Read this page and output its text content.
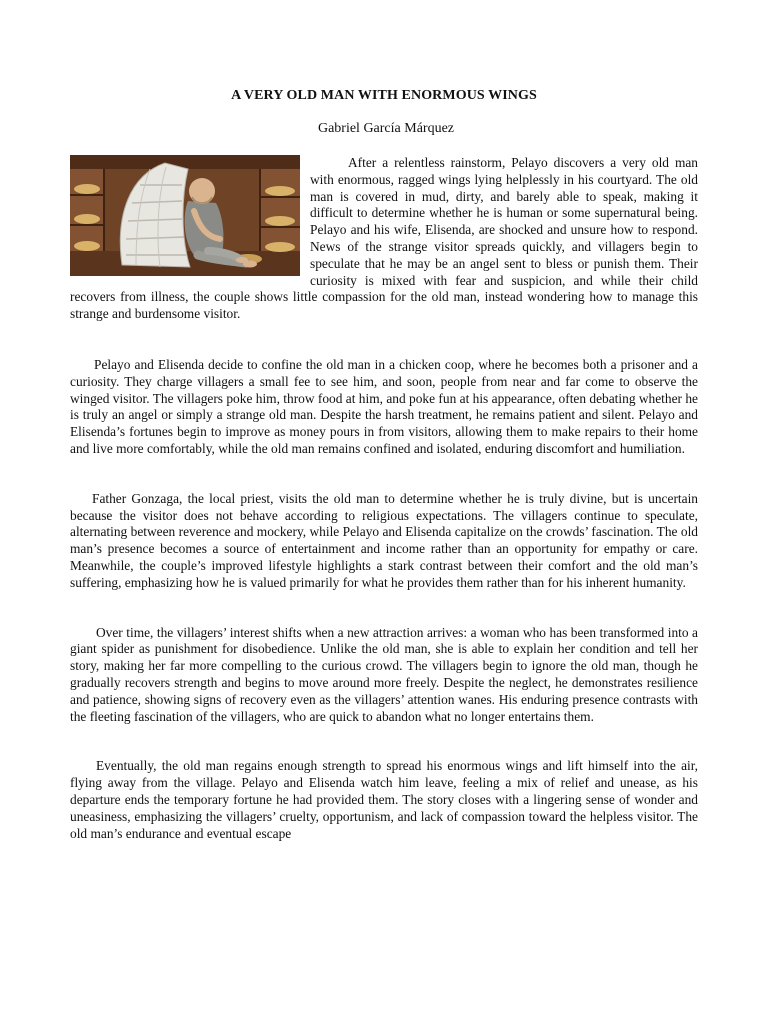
A VERY OLD MAN WITH ENORMOUS WINGS
Gabriel García Márquez

After a relentless rainstorm, Pelayo discovers a very old man with enormous, ragged wings lying helplessly in his courtyard. The old man is covered in mud, dirty, and barely able to speak, making it difficult to determine whether he is human or some supernatural being. Pelayo and his wife, Elisenda, are shocked and unsure how to respond. News of the strange visitor spreads quickly, and villagers begin to speculate that he may be an angel sent to bless or punish them. Their curiosity is mixed with fear and suspicion, and while their child recovers from illness, the couple shows little compassion for the old man, instead wondering how to manage this strange and burdensome visitor.

Pelayo and Elisenda decide to confine the old man in a chicken coop, where he becomes both a prisoner and a curiosity. They charge villagers a small fee to see him, and soon, people from near and far come to observe the winged visitor. The villagers poke him, throw food at him, and poke fun at his appearance, often debating whether he is truly an angel or simply a strange old man. Despite the harsh treatment, he remains patient and silent. Pelayo and Elisenda’s fortunes begin to improve as money pours in from visitors, allowing them to make repairs to their home and live more comfortably, while the old man remains confined and isolated, enduring discomfort and humiliation.

Father Gonzaga, the local priest, visits the old man to determine whether he is truly divine, but is uncertain because the visitor does not behave according to religious expectations. The villagers continue to speculate, alternating between reverence and mockery, while Pelayo and Elisenda capitalize on the crowds’ fascination. The old man’s presence becomes a source of entertainment and income rather than an opportunity for empathy or care. Meanwhile, the couple’s improved lifestyle highlights a stark contrast between their comfort and the old man’s suffering, emphasizing how he is valued primarily for what he provides them rather than for his inherent humanity.

Over time, the villagers’ interest shifts when a new attraction arrives: a woman who has been transformed into a giant spider as punishment for disobedience. Unlike the old man, she is able to explain her condition and tell her story, making her far more compelling to the curious crowd. The villagers begin to ignore the old man, though he gradually recovers strength and begins to move around more freely. Despite the neglect, he demonstrates resilience and patience, showing signs of recovery even as the villagers’ attention wanes. His enduring presence contrasts with the fleeting fascination of the villagers, who are quick to abandon what no longer entertains them.

Eventually, the old man regains enough strength to spread his enormous wings and lift himself into the air, flying away from the village. Pelayo and Elisenda watch him leave, feeling a mix of relief and unease, as his departure ends the temporary fortune he had provided them. The story closes with a lingering sense of wonder and uneasiness, emphasizing the villagers’ cruelty, opportunism, and lack of compassion toward the helpless visitor. The old man’s endurance and eventual escape
